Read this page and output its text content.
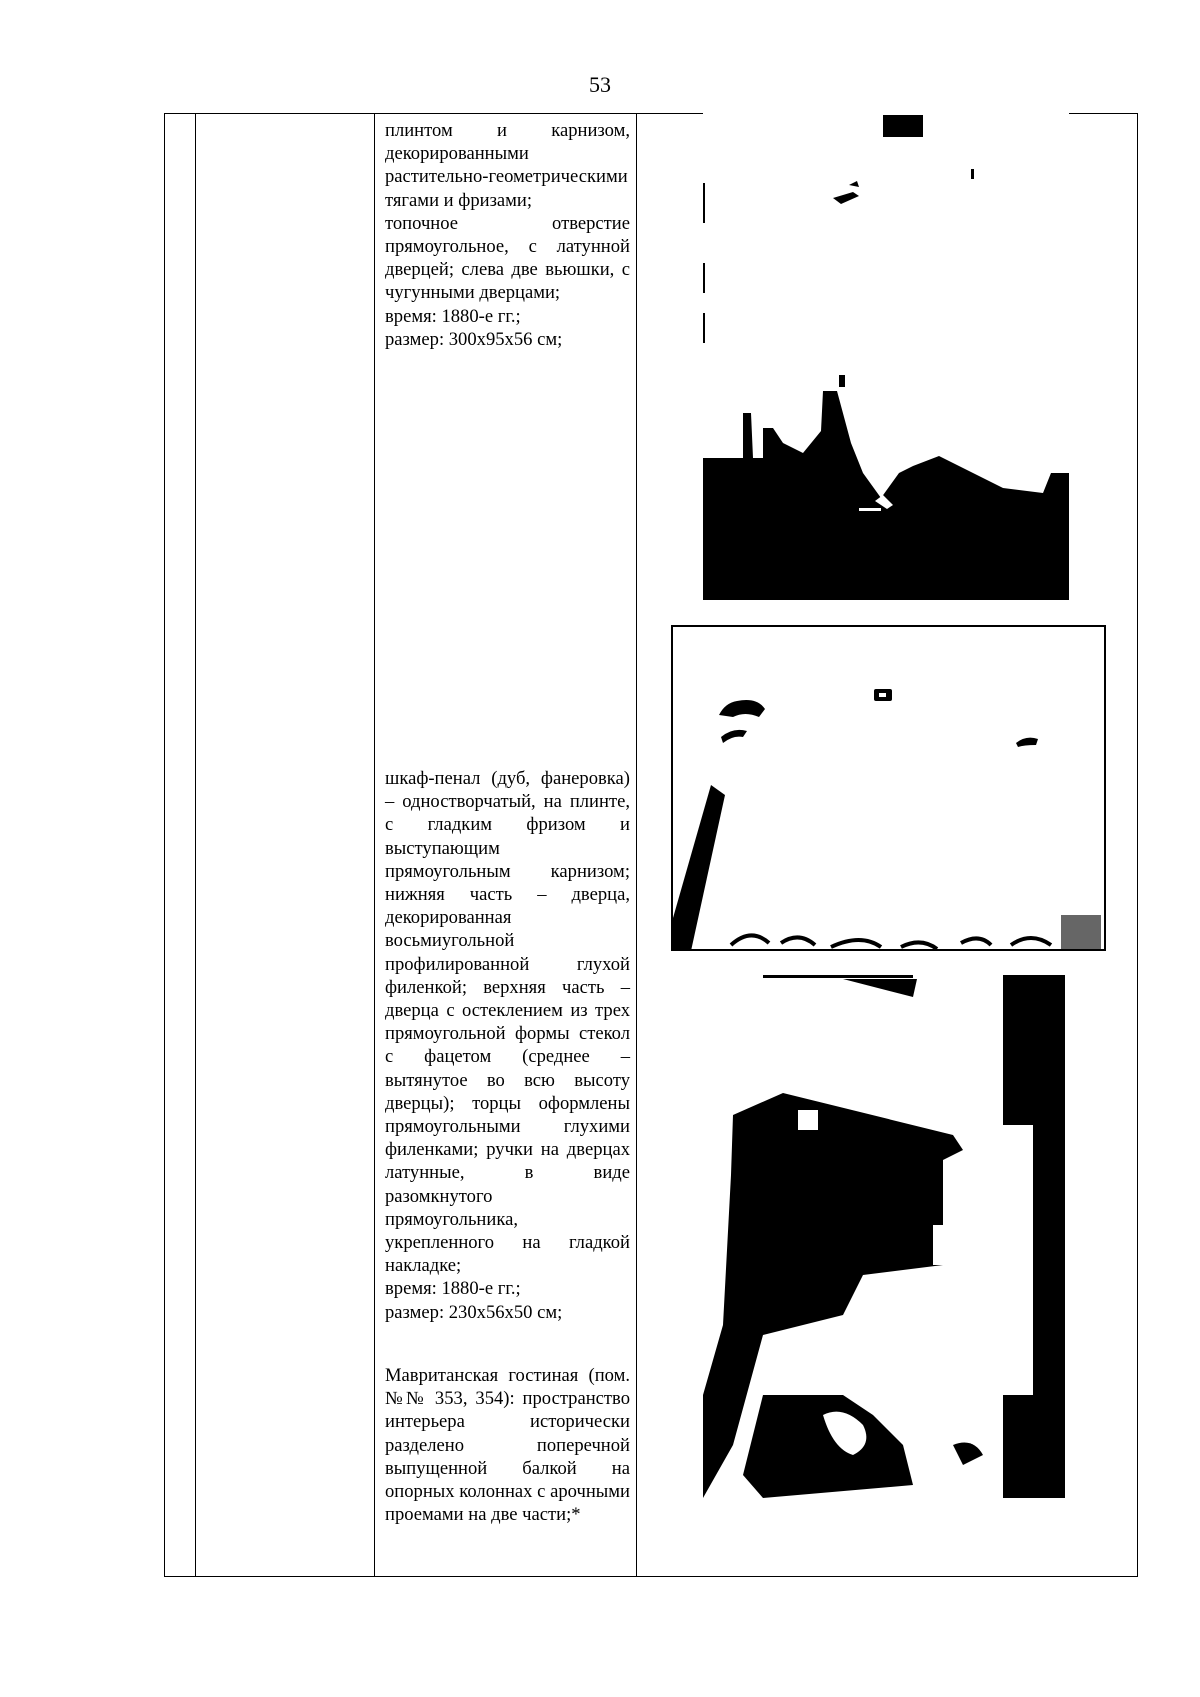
53

плинтом и карнизом, декорированными растительно-геометрическими тягами и фризами;

топочное отверстие прямоугольное, с латунной дверцей; слева две вьюшки, с чугунными дверцами;

время: 1880-е гг.;

размер: 300х95х56 см;

шкаф-пенал (дуб, фанеровка) – одностворчатый, на плинте, с гладким фризом и выступающим прямоугольным карнизом; нижняя часть – дверца, декорированная восьмиугольной профилированной глухой филенкой; верхняя часть – дверца с остеклением из трех прямоугольной формы стекол с фацетом (среднее – вытянутое во всю высоту дверцы); торцы оформлены прямоугольными глухими филенками; ручки на дверцах латунные, в виде разомкнутого прямоугольника, укрепленного на гладкой накладке;

время: 1880-е гг.;

размер: 230х56х50 см;

Мавританская гостиная (пом. №№ 353, 354): пространство интерьера исторически разделено поперечной выпущенной балкой на опорных колоннах с арочными проемами на две части;*
